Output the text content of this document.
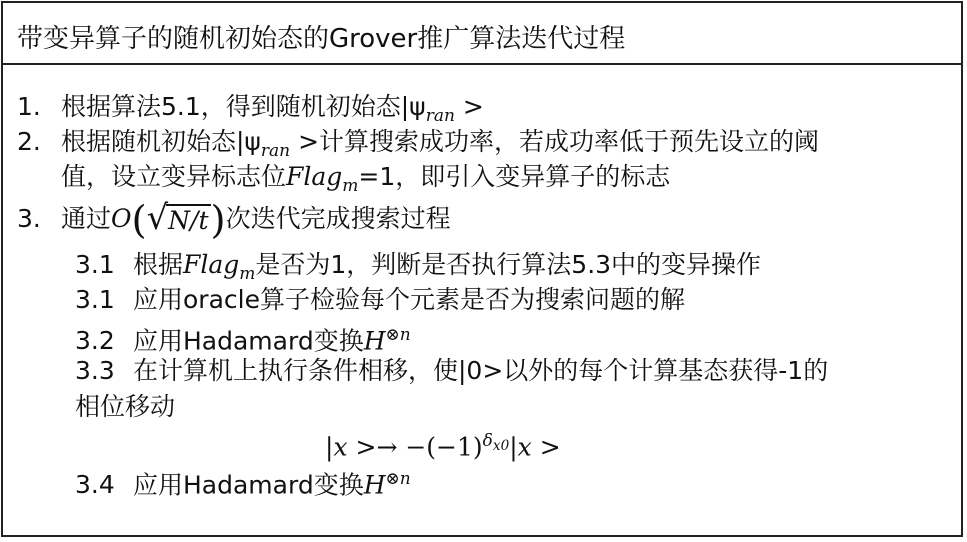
带变异算子的随机初始态的Grover推广算法迭代过程
1. 根据算法5.1，得到随机初始态$|\psi_{ran}$ >
2. 根据随机初始态$|\psi_{ran}$ >计算搜索成功率，若成功率低于预先设立的阈
值，设立变异标志位Flag$_m$=1，即引入变异算子的标志
3. 通过O(√N/t)次迭代完成搜索过程
3.1 根据Flag$_m$是否为1，判断是否执行算法5.3中的变异操作
3.1 应用oracle算子检验每个元素是否为搜索问题的解
3.2 应用Hadamard变换$H^{\otimes n}$
3.3 在计算机上执行条件相移，使|0>以外的每个计算基态获得-1的
相位移动
$|x >\to -(-1)^{\delta_{x0}}|x$ >
3.4 应用Hadamard变换$H^{\otimes n}$
